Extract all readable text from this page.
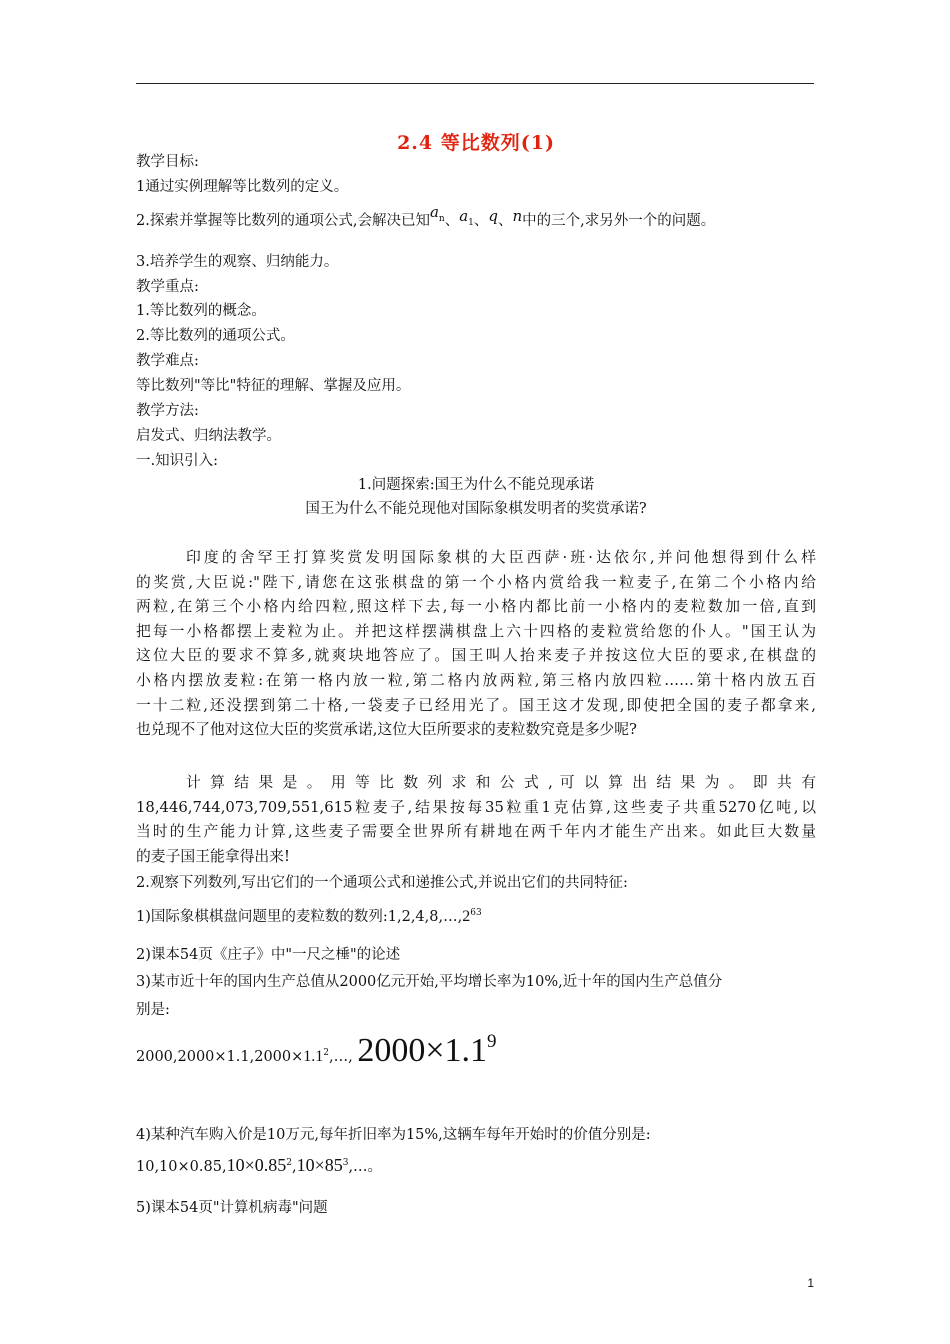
2.4 等比数列(1)
教学目标:
1通过实例理解等比数列的定义。
2.探索并掌握等比数列的通项公式,会解决已知$a_n$、$a_1$、q、n中的三个,求另外一个的问题。
3.培养学生的观察、归纳能力。
教学重点:
1.等比数列的概念。
2.等比数列的通项公式。
教学难点:
等比数列"等比"特征的理解、掌握及应用。
教学方法:
启发式、归纳法教学。
一.知识引入:
1.问题探索:国王为什么不能兑现承诺
国王为什么不能兑现他对国际象棋发明者的奖赏承诺?
印度的舍罕王打算奖赏发明国际象棋的大臣西萨·班·达依尔,并问他想得到什么样
的奖赏,大臣说:"陛下,请您在这张棋盘的第一个小格内赏给我一粒麦子,在第二个小格内给
两粒,在第三个小格内给四粒,照这样下去,每一小格内都比前一小格内的麦粒数加一倍,直到
把每一小格都摆上麦粒为止。并把这样摆满棋盘上六十四格的麦粒赏给您的仆人。"国王认为
这位大臣的要求不算多,就爽块地答应了。国王叫人抬来麦子并按这位大臣的要求,在棋盘的
小格内摆放麦粒:在第一格内放一粒,第二格内放两粒,第三格内放四粒……第十格内放五百
一十二粒,还没摆到第二十格,一袋麦子已经用光了。国王这才发现,即使把全国的麦子都拿来,
也兑现不了他对这位大臣的奖赏承诺,这位大臣所要求的麦粒数究竟是多少呢?
计 算 结 果 是 。 用 等 比 数 列 求 和 公 式 , 可 以 算 出 结 果 为 。 即 共 有
18,446,744,073,709,551,615粒麦子,结果按每35粒重1克估算,这些麦子共重5270亿吨,以
当时的生产能力计算,这些麦子需要全世界所有耕地在两千年内才能生产出来。如此巨大数量
的麦子国王能拿得出来!
2.观察下列数列,写出它们的一个通项公式和递推公式,并说出它们的共同特征:
1)国际象棋棋盘问题里的麦粒数的数列$:1,2,4,8,\dots,2^{63}$
2)课本54页《庄子》中"一尺之棰"的论述
3)某市近十年的国内生产总值从2000亿元开始,平均增长率为10%,近十年的国内生产总值分
别是:
$2000,2000\times 1.1,2000\times 1.1^2,\dots$, $2000\times 1.1^9$
4)某种汽车购入价是10万元,每年折旧率为15%,这辆车每年开始时的价值分别是:
$10,10\times 0.85,10\times 0.85^2,10\times 85^3,\dots$。
5)课本54页"计算机病毒"问题
1
